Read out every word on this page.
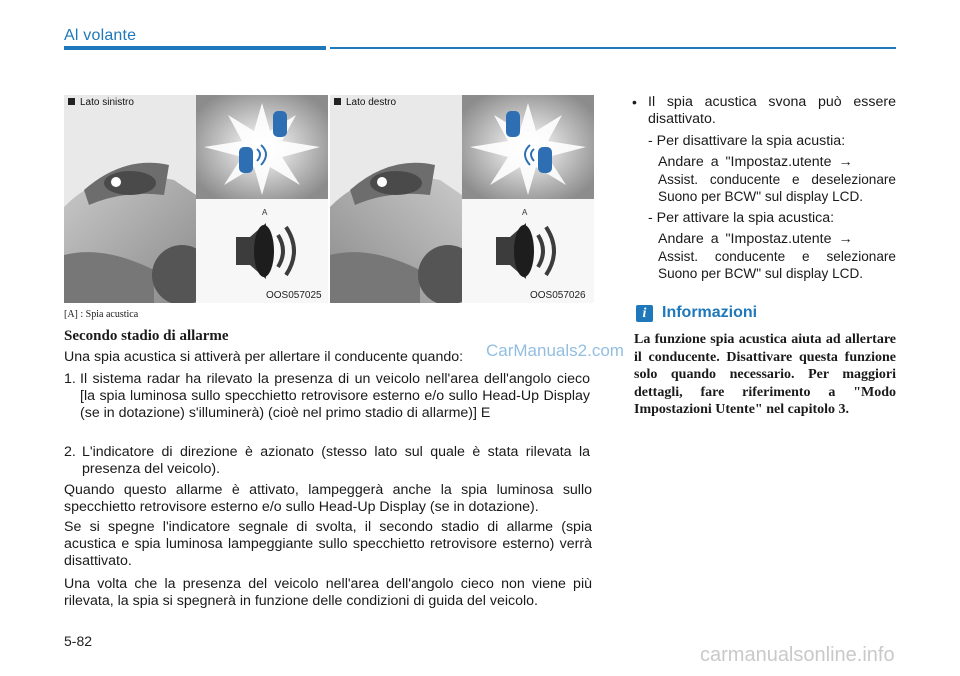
Al volante
A
Lato sinistro
OOS057025
A
Lato destro
OOS057026
[A] : Spia acustica
Secondo stadio di allarme
Una spia acustica si attiverà per allertare il conducente quando:
1. Il sistema radar ha rilevato la presenza di un veicolo nell'area dell'angolo cieco [la spia luminosa sullo specchietto retrovisore esterno e/o sullo Head-Up Display (se in dotazione) s'illuminerà) (cioè nel primo stadio di allarme)] E
2. L'indicatore di direzione è azionato (stesso lato sul quale è stata rilevata la presenza del veicolo).
Quando questo allarme è attivato, lampeggerà anche la spia luminosa sullo specchietto retrovisore esterno e/o sullo Head-Up Display (se in dotazione).
Se si spegne l'indicatore segnale di svolta, il secondo stadio di allarme (spia acustica e spia luminosa lampeggiante sullo specchietto retrovisore esterno) verrà disattivato.
Una volta che la presenza del veicolo nell'area dell'angolo cieco non viene più rilevata, la spia si spegnerà in funzione delle condizioni di guida del veicolo.
• Il spia acustica svona può essere disattivato.
- Per disattivare la spia acustia:
Andare a "Impostaz.utente →
Assist. conducente e deselezionare Suono per BCW" sul display LCD.
- Per attivare la spia acustica:
Andare a "Impostaz.utente →
Assist. conducente e selezionare Suono per BCW" sul display LCD.
i Informazioni
La funzione spia acustica aiuta ad allertare il conducente. Disattivare questa funzione solo quando necessario. Per maggiori dettagli, fare riferimento a "Modo Impostazioni Utente" nel capitolo 3.
5-82
CarManuals2.com
carmanualsonline.info
